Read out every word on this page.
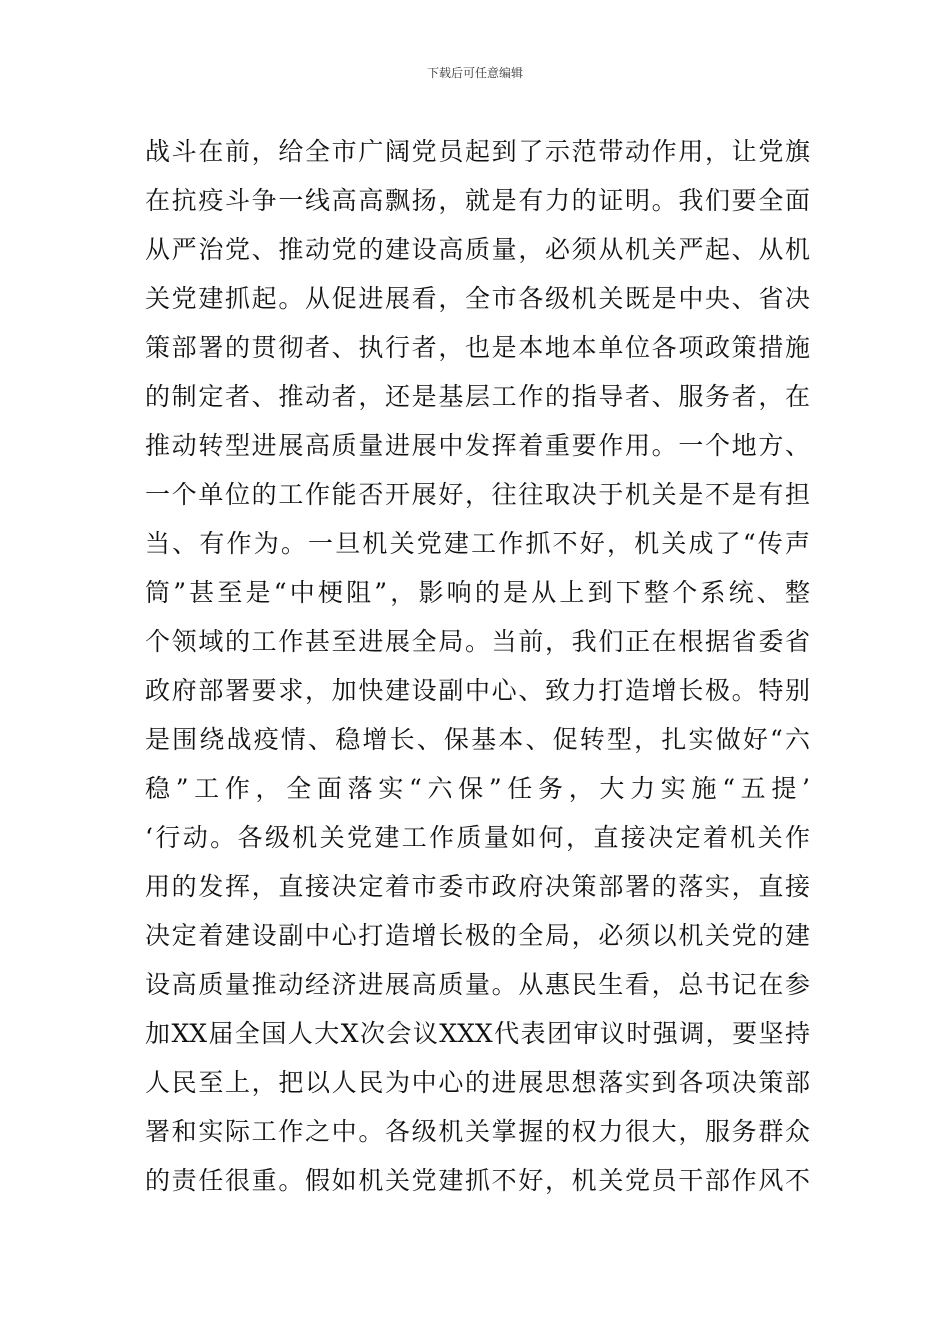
下载后可任意编辑
战斗在前，给全市广阔党员起到了示范带动作用，让党旗
在抗疫斗争一线高高飘扬，就是有力的证明。我们要全面
从严治党、推动党的建设高质量，必须从机关严起、从机
关党建抓起。从促进展看，全市各级机关既是中央、省决
策部署的贯彻者、执行者，也是本地本单位各项政策措施
的制定者、推动者，还是基层工作的指导者、服务者，在
推动转型进展高质量进展中发挥着重要作用。一个地方、
一个单位的工作能否开展好，往往取决于机关是不是有担
当、有作为。一旦机关党建工作抓不好，机关成了“传声
筒”甚至是“中梗阻”，影响的是从上到下整个系统、整
个领域的工作甚至进展全局。当前，我们正在根据省委省
政府部署要求，加快建设副中心、致力打造增长极。特别
是围绕战疫情、稳增长、保基本、促转型，扎实做好“六
稳”工作，全面落实“六保”任务，大力实施“五提’
‘行动。各级机关党建工作质量如何，直接决定着机关作
用的发挥，直接决定着市委市政府决策部署的落实，直接
决定着建设副中心打造增长极的全局，必须以机关党的建
设高质量推动经济进展高质量。从惠民生看，总书记在参
加XX届全国人大X次会议XXX代表团审议时强调，要坚持
人民至上，把以人民为中心的进展思想落实到各项决策部
署和实际工作之中。各级机关掌握的权力很大，服务群众
的责任很重。假如机关党建抓不好，机关党员干部作风不
